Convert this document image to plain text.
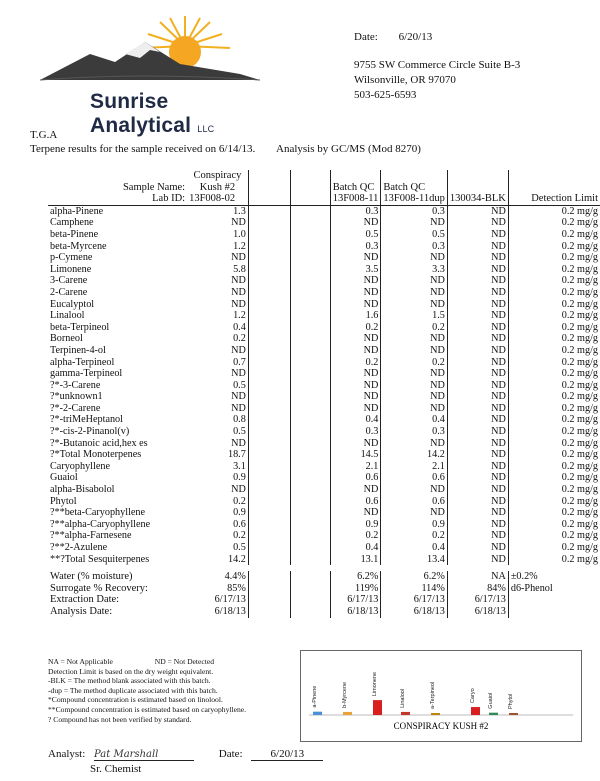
Sunrise Analytical LLC
Date: 6/20/13
9755 SW Commerce Circle Suite B-3
Wilsonville, OR 97070
503-625-6593
T.G.A
Terpene results for the sample received on 6/14/13. Analysis by GC/MS (Mod 8270)
	Conspiracy						
Sample Name:	Kush #2			Batch QC	Batch QC		
Lab ID:	13F008-02			13F008-11	13F008-11dup	130034-BLK	Detection Limit
alpha-Pinene	1.3			0.3	0.3	ND	0.2 mg/g
Camphene	ND			ND	ND	ND	0.2 mg/g
beta-Pinene	1.0			0.5	0.5	ND	0.2 mg/g
beta-Myrcene	1.2			0.3	0.3	ND	0.2 mg/g
p-Cymene	ND			ND	ND	ND	0.2 mg/g
Limonene	5.8			3.5	3.3	ND	0.2 mg/g
3-Carene	ND			ND	ND	ND	0.2 mg/g
2-Carene	ND			ND	ND	ND	0.2 mg/g
Eucalyptol	ND			ND	ND	ND	0.2 mg/g
Linalool	1.2			1.6	1.5	ND	0.2 mg/g
beta-Terpineol	0.4			0.2	0.2	ND	0.2 mg/g
Borneol	0.2			ND	ND	ND	0.2 mg/g
Terpinen-4-ol	ND			ND	ND	ND	0.2 mg/g
alpha-Terpineol	0.7			0.2	0.2	ND	0.2 mg/g
gamma-Terpineol	ND			ND	ND	ND	0.2 mg/g
?*-3-Carene	0.5			ND	ND	ND	0.2 mg/g
?*unknown1	ND			ND	ND	ND	0.2 mg/g
?*-2-Carene	ND			ND	ND	ND	0.2 mg/g
?*-triMeHeptanol	0.8			0.4	0.4	ND	0.2 mg/g
?*-cis-2-Pinanol(v)	0.5			0.3	0.3	ND	0.2 mg/g
?*-Butanoic acid,hex es	ND			ND	ND	ND	0.2 mg/g
?*Total Monoterpenes	18.7			14.5	14.2	ND	0.2 mg/g
Caryophyllene	3.1			2.1	2.1	ND	0.2 mg/g
Guaiol	0.9			0.6	0.6	ND	0.2 mg/g
alpha-Bisabolol	ND			ND	ND	ND	0.2 mg/g
Phytol	0.2			0.6	0.6	ND	0.2 mg/g
?**beta-Caryophyllene	0.9			ND	ND	ND	0.2 mg/g
?**alpha-Caryophyllene	0.6			0.9	0.9	ND	0.2 mg/g
?**alpha-Farnesene	0.2			0.2	0.2	ND	0.2 mg/g
?**2-Azulene	0.5			0.4	0.4	ND	0.2 mg/g
**?Total Sesquiterpenes	14.2			13.1	13.4	ND	0.2 mg/g
Water (% moisture)	4.4%			6.2%	6.2%	NA	±0.2%
Surrogate % Recovery:	85%			119%	114%	84%	d6-Phenol
Extraction Date:	6/17/13			6/17/13	6/17/13	6/17/13	
Analysis Date:	6/18/13			6/18/13	6/18/13	6/18/13	
NA = Not Applicable	ND = Not Detected
Detection Limit is based on the dry weight equivalent.
-BLK = The method blank associated with this batch.
-dup = The method duplicate associated with this batch.
*Compound concentration is estimated based on linolool.
**Compound concentration is estimated based on caryophyllene.
? Compound has not been verified by standard.
a-Pinene	b-Myrcene	Limonene
Linalool	a-Terpineol	Caryo Guaiol	Phytol
CONSPIRACY KUSH #2
Analyst: Pat Marshall	Date:	6/20/13
Sr. Chemist
